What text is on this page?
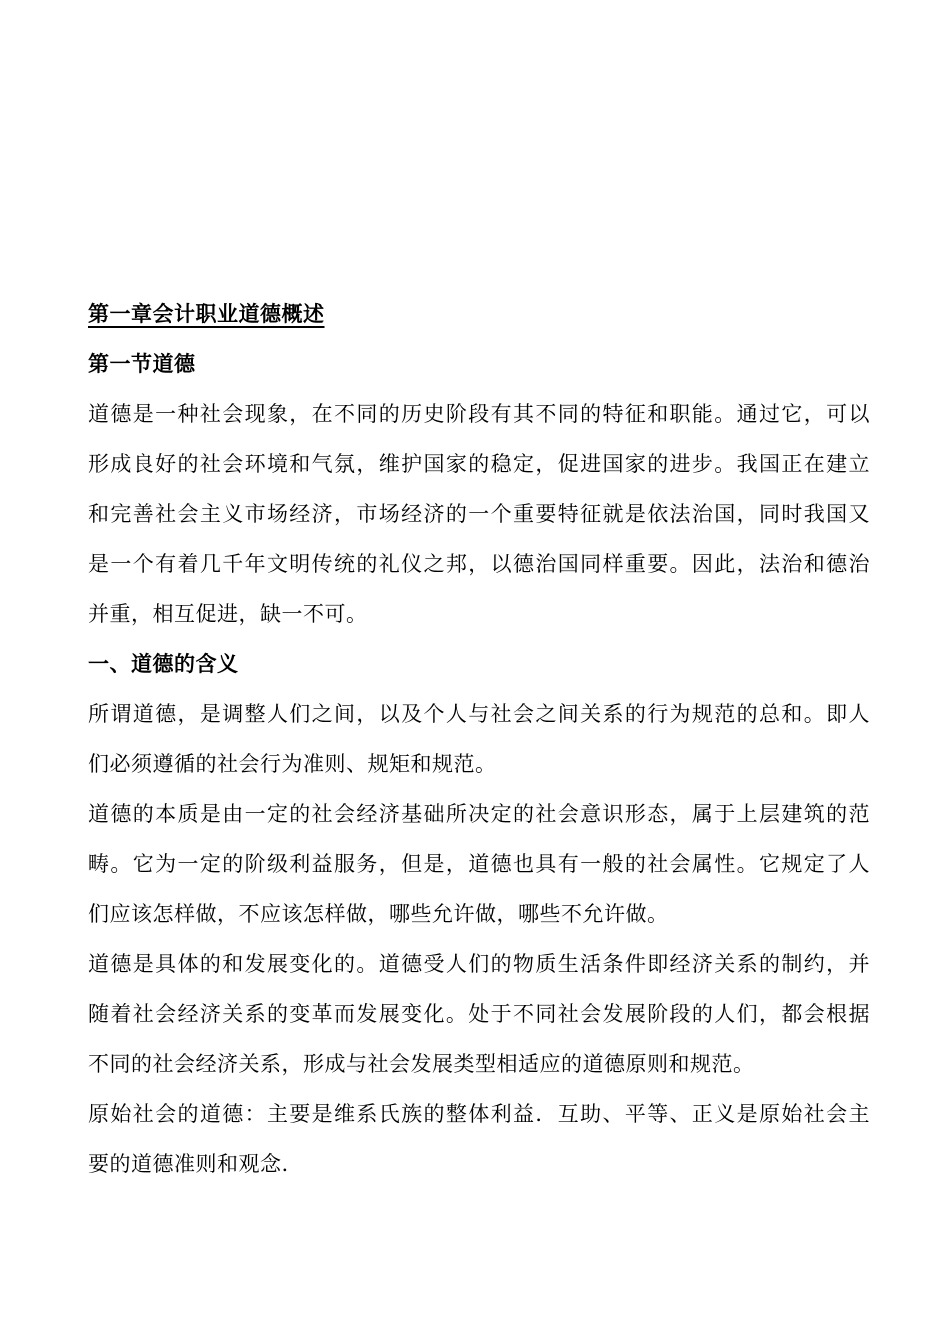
第一章会计职业道德概述
第一节道德
道德是一种社会现象，在不同的历史阶段有其不同的特征和职能。通过它，可以
形成良好的社会环境和气氛，维护国家的稳定，促进国家的进步。我国正在建立
和完善社会主义市场经济，市场经济的一个重要特征就是依法治国，同时我国又
是一个有着几千年文明传统的礼仪之邦，以德治国同样重要。因此，法治和德治
并重，相互促进，缺一不可。
一、道德的含义
所谓道德，是调整人们之间，以及个人与社会之间关系的行为规范的总和。即人
们必须遵循的社会行为准则、规矩和规范。
道德的本质是由一定的社会经济基础所决定的社会意识形态，属于上层建筑的范
畴。它为一定的阶级利益服务，但是，道德也具有一般的社会属性。它规定了人
们应该怎样做，不应该怎样做，哪些允许做，哪些不允许做。
道德是具体的和发展变化的。道德受人们的物质生活条件即经济关系的制约，并
随着社会经济关系的变革而发展变化。处于不同社会发展阶段的人们，都会根据
不同的社会经济关系，形成与社会发展类型相适应的道德原则和规范。
原始社会的道德：主要是维系氏族的整体利益．互助、平等、正义是原始社会主
要的道德准则和观念.
